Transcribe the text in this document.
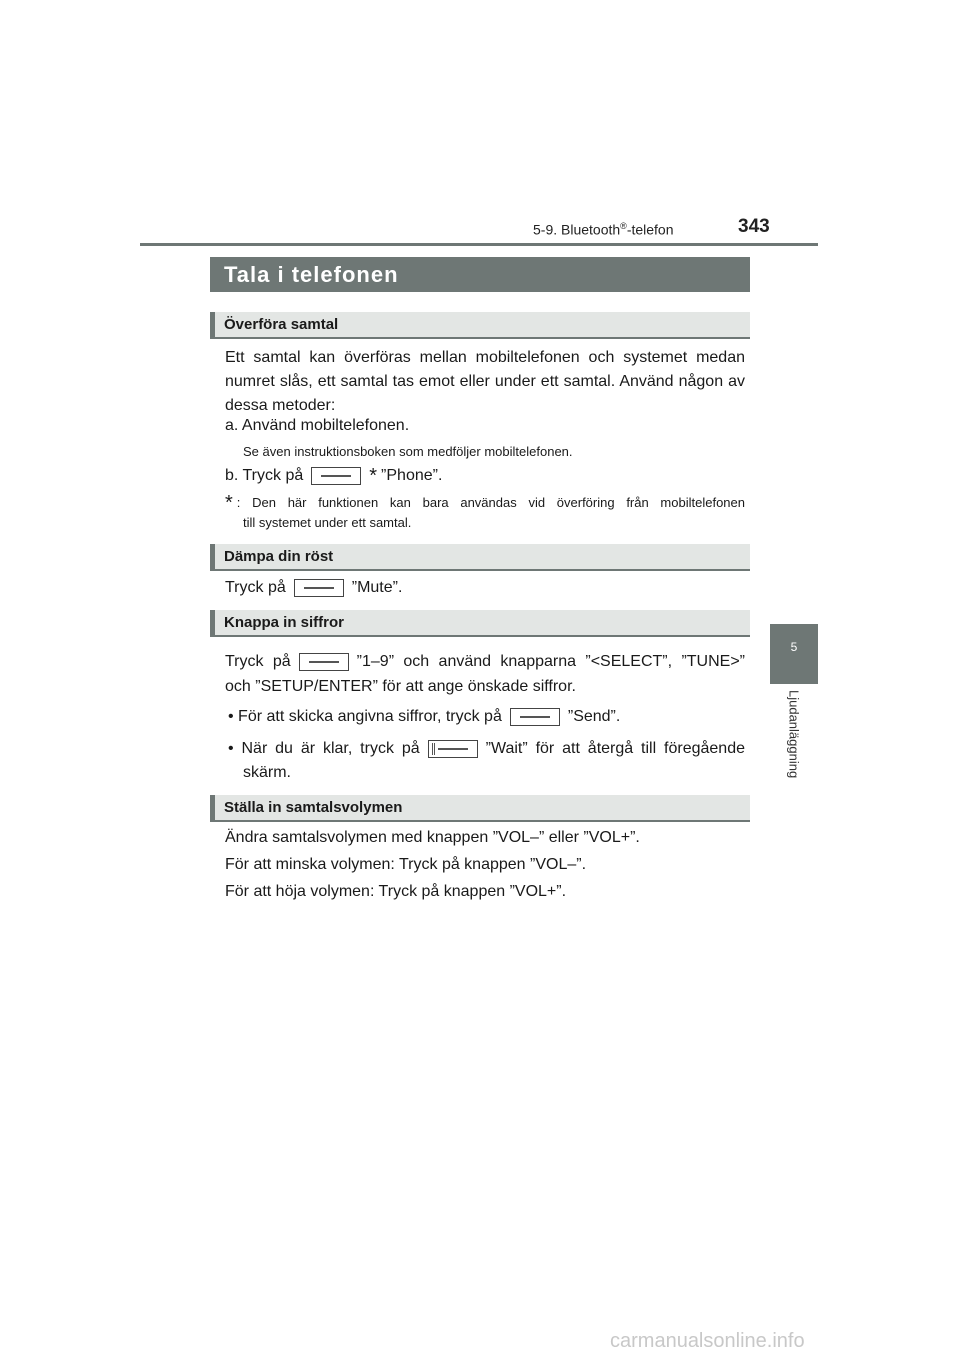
5-9. Bluetooth®-telefon	343
5
Ljudanläggning
Tala i telefonen
Överföra samtal
Ett samtal kan överföras mellan mobiltelefonen och systemet medan numret slås, ett samtal tas emot eller under ett samtal. Använd någon av dessa metoder:
a. Använd mobiltelefonen.
Se även instruktionsboken som medföljer mobiltelefonen.
b. Tryck på	* ”Phone”.
* : Den här funktionen kan bara användas vid överföring från mobiltelefonen
till systemet under ett samtal.
Dämpa din röst
Tryck på	”Mute”.
Knappa in siffror
Tryck på	”1–9” och använd knapparna ”<SELECT”, ”TUNE>”
och ”SETUP/ENTER” för att ange önskade siffror.
• För att skicka angivna siffror, tryck på	”Send”.
• När du är klar, tryck på	”Wait” för att återgå till föregående
skärm.
Ställa in samtalsvolymen
Ändra samtalsvolymen med knappen ”VOL–” eller ”VOL+”.
För att minska volymen: Tryck på knappen ”VOL–”.
För att höja volymen: Tryck på knappen ”VOL+”.
carmanualsonline.info
